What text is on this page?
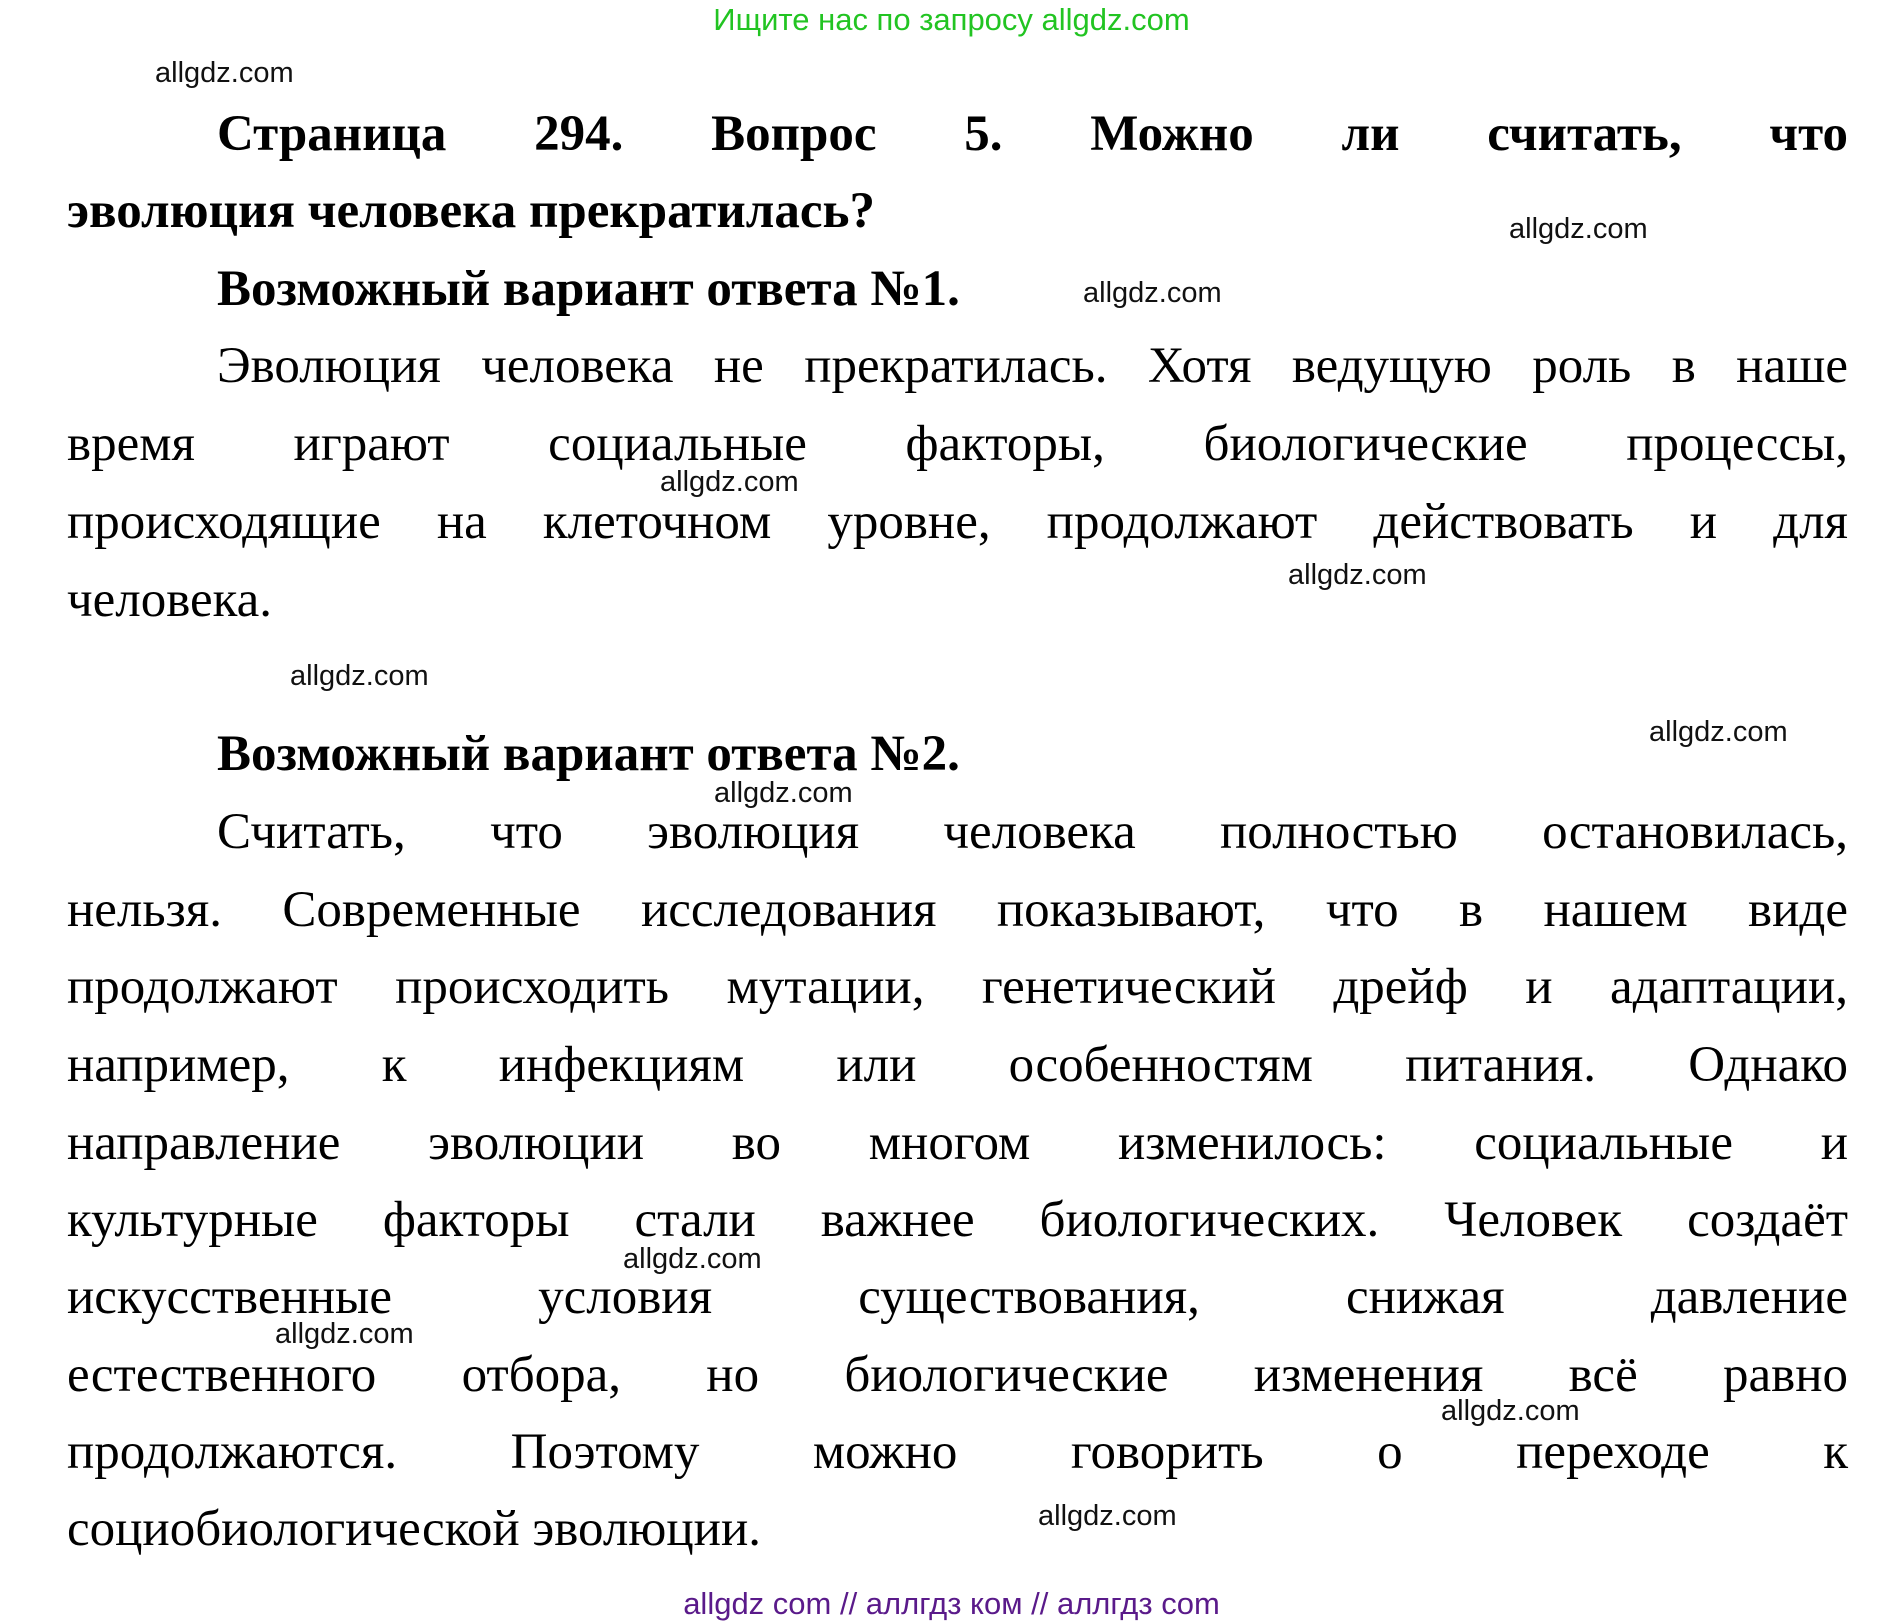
Ищите нас по запросу allgdz.com
Страница 294. Вопрос 5. Можно ли считать, что
эволюция человека прекратилась?
Возможный вариант ответа №1.
Эволюция человека не прекратилась. Хотя ведущую роль в наше
время играют социальные факторы, биологические процессы,
происходящие на клеточном уровне, продолжают действовать и для
человека.
Возможный вариант ответа №2.
Считать, что эволюция человека полностью остановилась,
нельзя. Современные исследования показывают, что в нашем виде
продолжают происходить мутации, генетический дрейф и адаптации,
например, к инфекциям или особенностям питания. Однако
направление эволюции во многом изменилось: социальные и
культурные факторы стали важнее биологических. Человек создаёт
искусственные условия существования, снижая давление
естественного отбора, но биологические изменения всё равно
продолжаются. Поэтому можно говорить о переходе к
социобиологической эволюции.
allgdz.com
allgdz.com
allgdz.com
allgdz.com
allgdz.com
allgdz.com
allgdz.com
allgdz.com
allgdz.com
allgdz.com
allgdz.com
allgdz.com
allgdz com // аллгдз ком // аллгдз com
